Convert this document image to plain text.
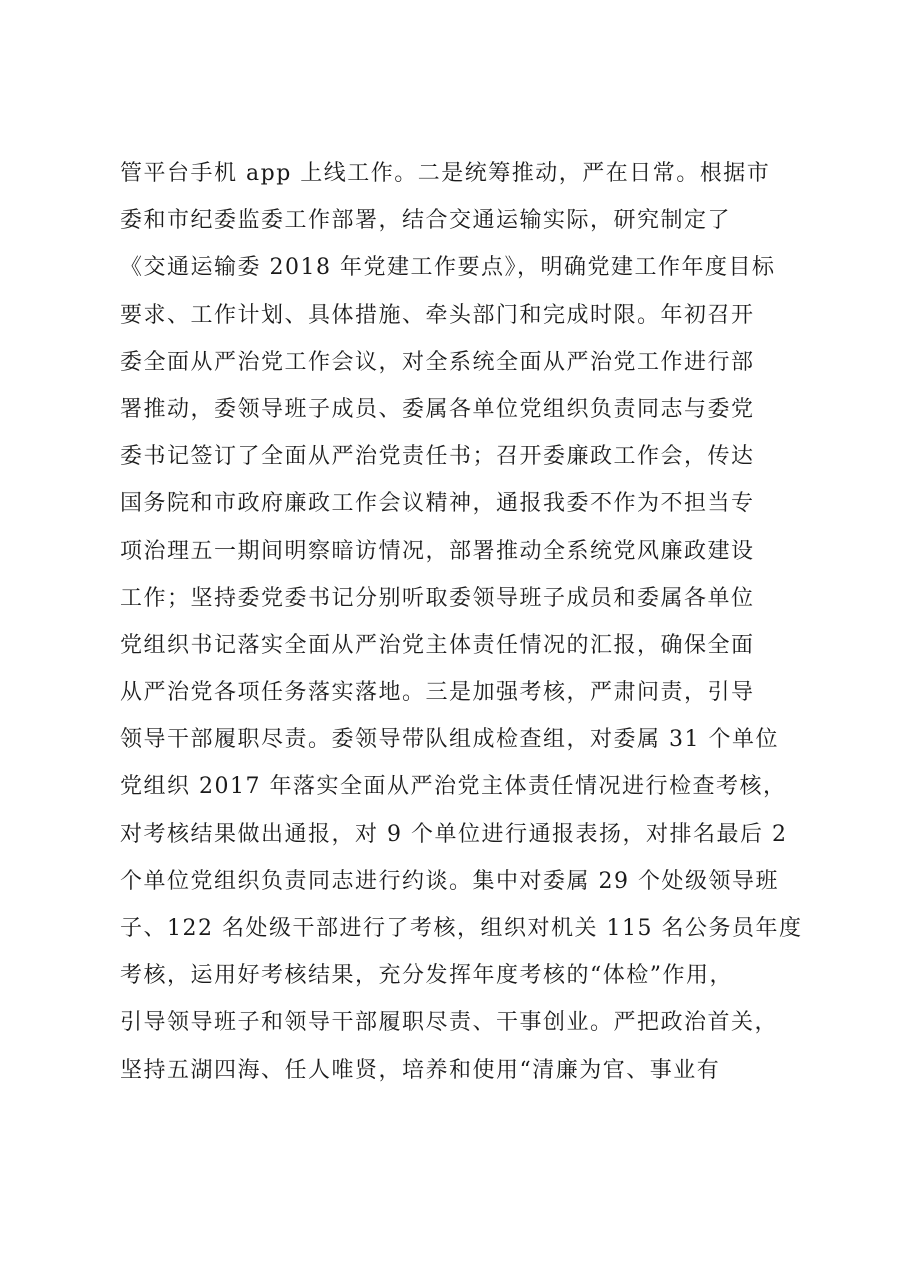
管平台手机 app 上线工作。二是统筹推动，严在日常。根据市
委和市纪委监委工作部署，结合交通运输实际，研究制定了
《交通运输委 2018 年党建工作要点》，明确党建工作年度目标
要求、工作计划、具体措施、牵头部门和完成时限。年初召开
委全面从严治党工作会议，对全系统全面从严治党工作进行部
署推动，委领导班子成员、委属各单位党组织负责同志与委党
委书记签订了全面从严治党责任书；召开委廉政工作会，传达
国务院和市政府廉政工作会议精神，通报我委不作为不担当专
项治理五一期间明察暗访情况，部署推动全系统党风廉政建设
工作；坚持委党委书记分别听取委领导班子成员和委属各单位
党组织书记落实全面从严治党主体责任情况的汇报，确保全面
从严治党各项任务落实落地。三是加强考核，严肃问责，引导
领导干部履职尽责。委领导带队组成检查组，对委属 31 个单位
党组织 2017 年落实全面从严治党主体责任情况进行检查考核，
对考核结果做出通报，对 9 个单位进行通报表扬，对排名最后 2
个单位党组织负责同志进行约谈。集中对委属 29 个处级领导班
子、122 名处级干部进行了考核，组织对机关 115 名公务员年度
考核，运用好考核结果，充分发挥年度考核的“体检”作用，
引导领导班子和领导干部履职尽责、干事创业。严把政治首关，
坚持五湖四海、任人唯贤，培养和使用“清廉为官、事业有
